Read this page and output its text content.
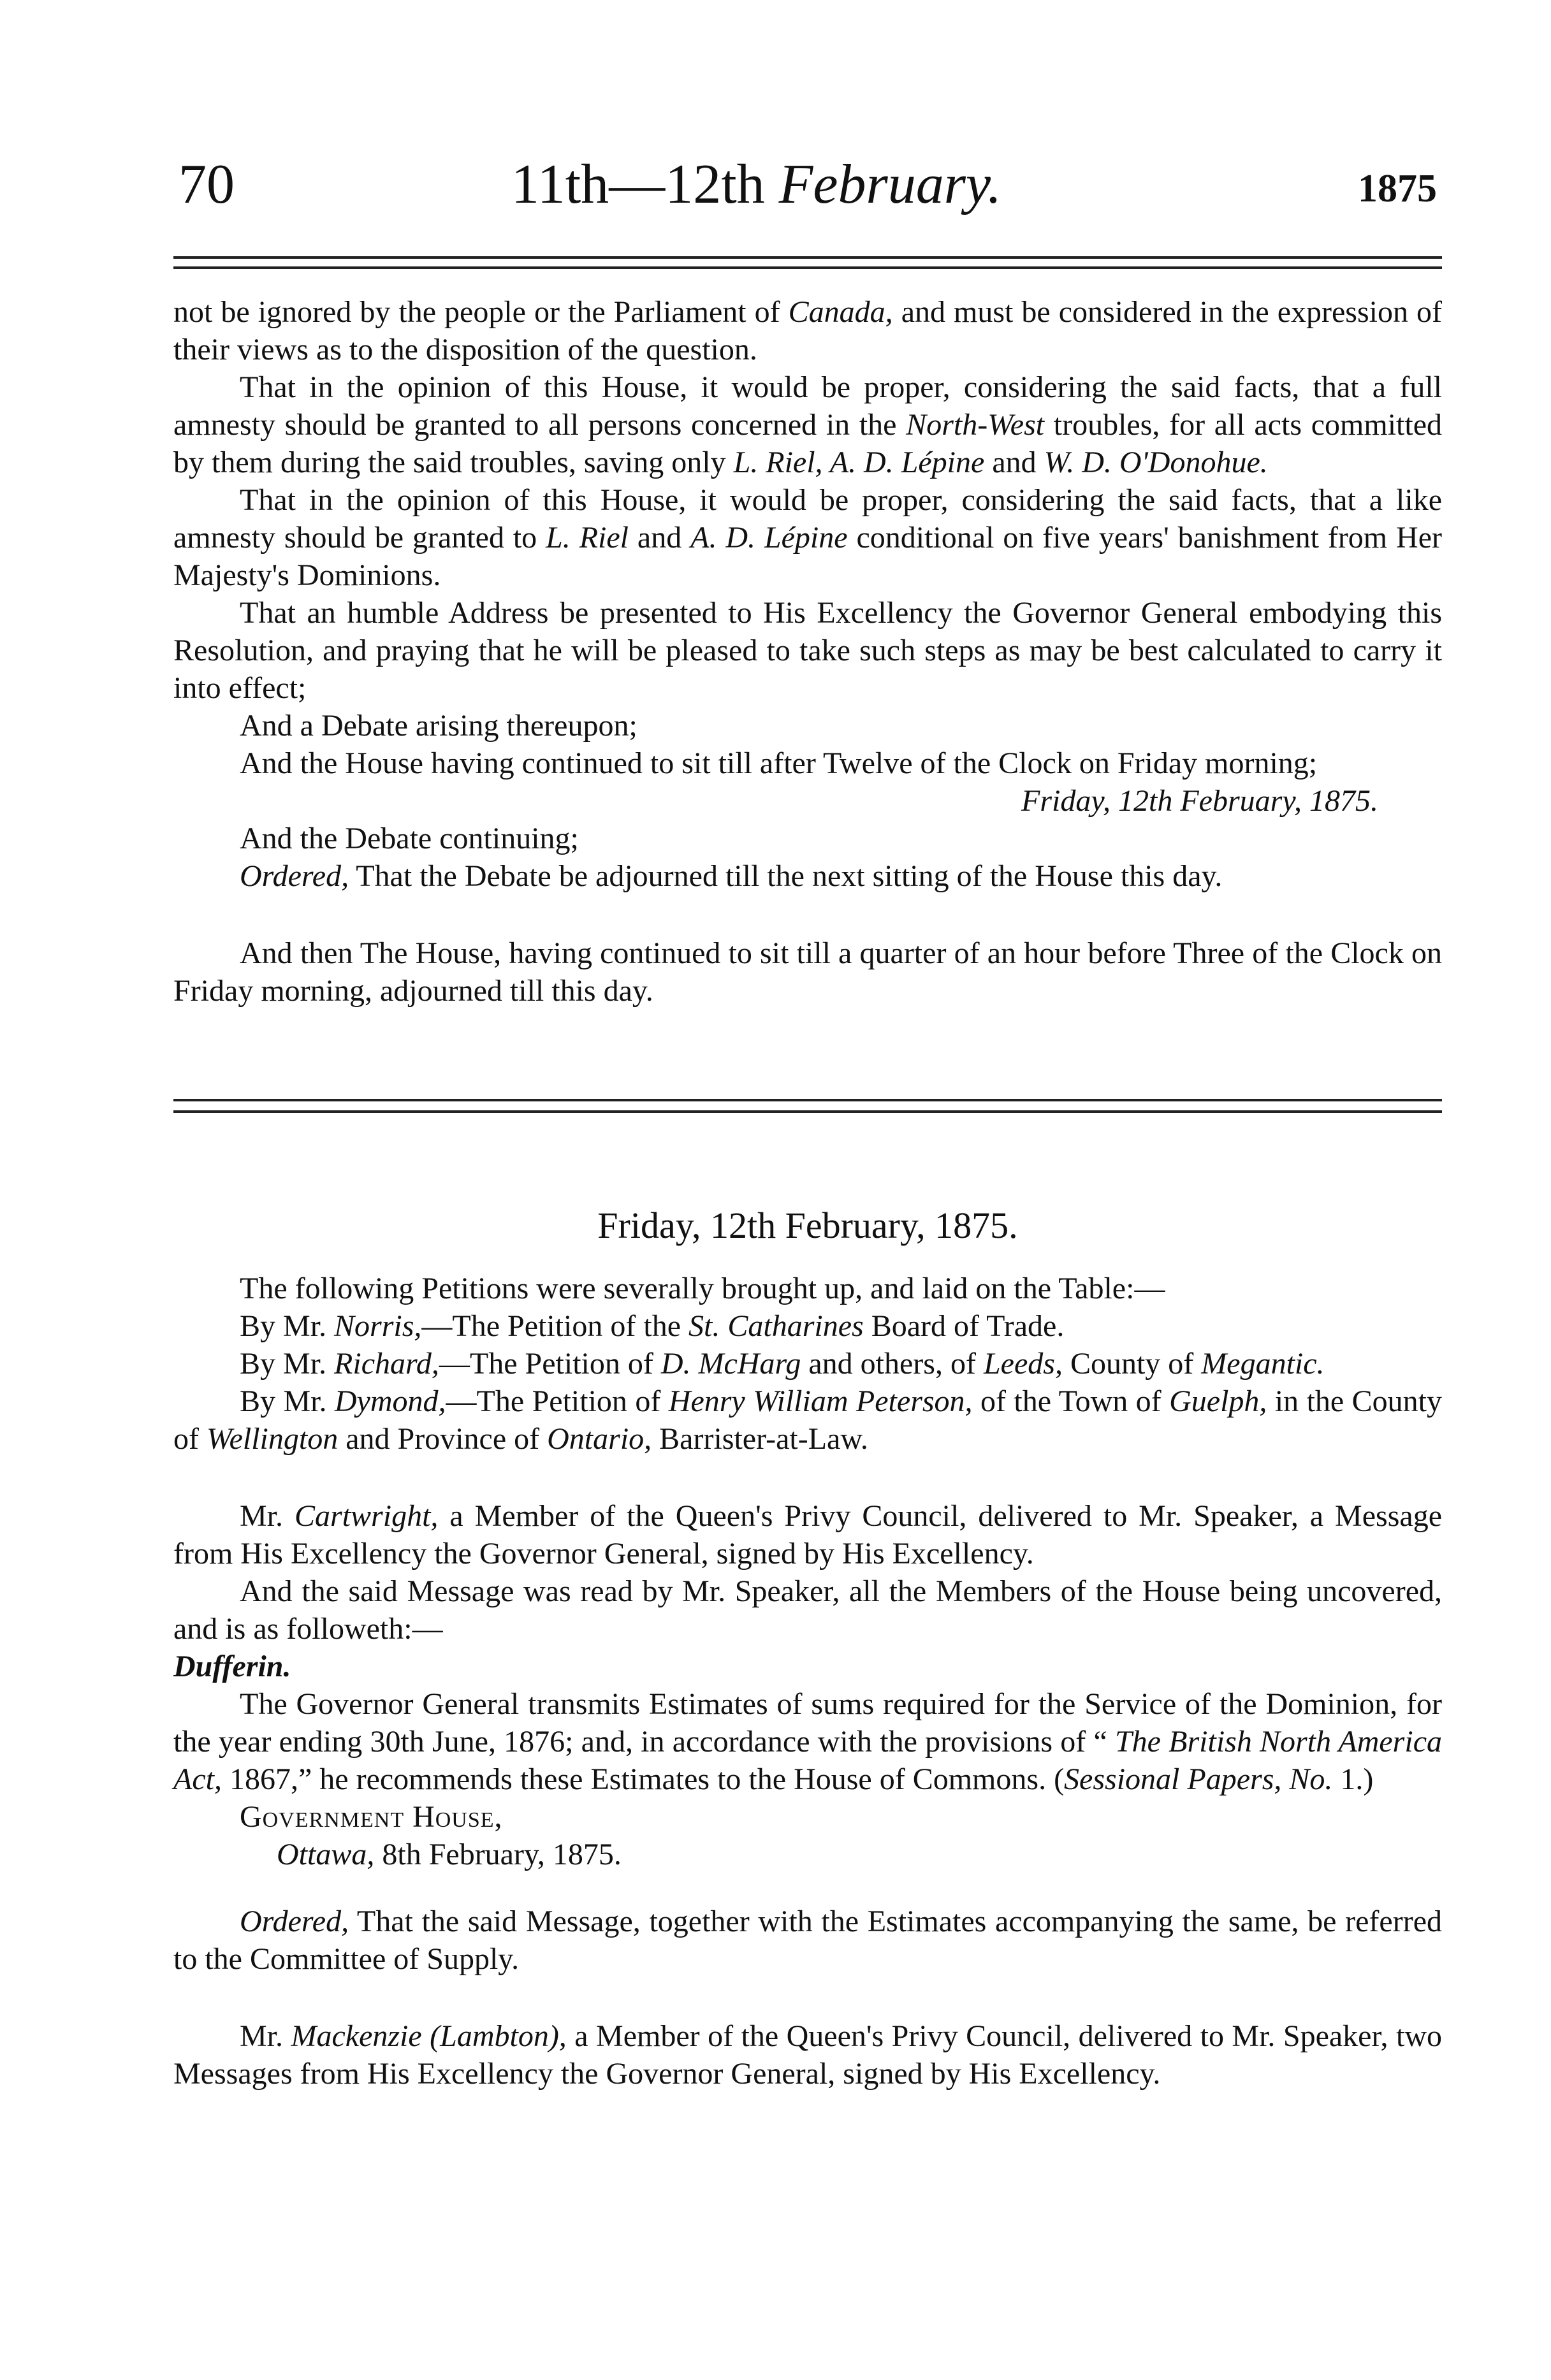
70	11th—12th February.	1875

not be ignored by the people or the Parliament of Canada, and must be considered in the expression of their views as to the disposition of the question.

That in the opinion of this House, it would be proper, considering the said facts, that a full amnesty should be granted to all persons concerned in the North-West troubles, for all acts committed by them during the said troubles, saving only L. Riel, A. D. Lépine and W. D. O'Donohue.

That in the opinion of this House, it would be proper, considering the said facts, that a like amnesty should be granted to L. Riel and A. D. Lépine conditional on five years' banishment from Her Majesty's Dominions.

That an humble Address be presented to His Excellency the Governor General embodying this Resolution, and praying that he will be pleased to take such steps as may be best calculated to carry it into effect;

And a Debate arising thereupon;

And the House having continued to sit till after Twelve of the Clock on Friday morning;

Friday, 12th February, 1875.

And the Debate continuing;

Ordered, That the Debate be adjourned till the next sitting of the House this day.

And then The House, having continued to sit till a quarter of an hour before Three of the Clock on Friday morning, adjourned till this day.

Friday, 12th February, 1875.

The following Petitions were severally brought up, and laid on the Table:—

By Mr. Norris,—The Petition of the St. Catharines Board of Trade.

By Mr. Richard,—The Petition of D. McHarg and others, of Leeds, County of Megantic.

By Mr. Dymond,—The Petition of Henry William Peterson, of the Town of Guelph, in the County of Wellington and Province of Ontario, Barrister-at-Law.

Mr. Cartwright, a Member of the Queen's Privy Council, delivered to Mr. Speaker, a Message from His Excellency the Governor General, signed by His Excellency.

And the said Message was read by Mr. Speaker, all the Members of the House being uncovered, and is as followeth:—

Dufferin.

The Governor General transmits Estimates of sums required for the Service of the Dominion, for the year ending 30th June, 1876; and, in accordance with the provisions of “ The British North America Act, 1867,” he recommends these Estimates to the House of Commons. (Sessional Papers, No. 1.)

Government House,

Ottawa, 8th February, 1875.

Ordered, That the said Message, together with the Estimates accompanying the same, be referred to the Committee of Supply.

Mr. Mackenzie (Lambton), a Member of the Queen's Privy Council, delivered to Mr. Speaker, two Messages from His Excellency the Governor General, signed by His Excellency.
